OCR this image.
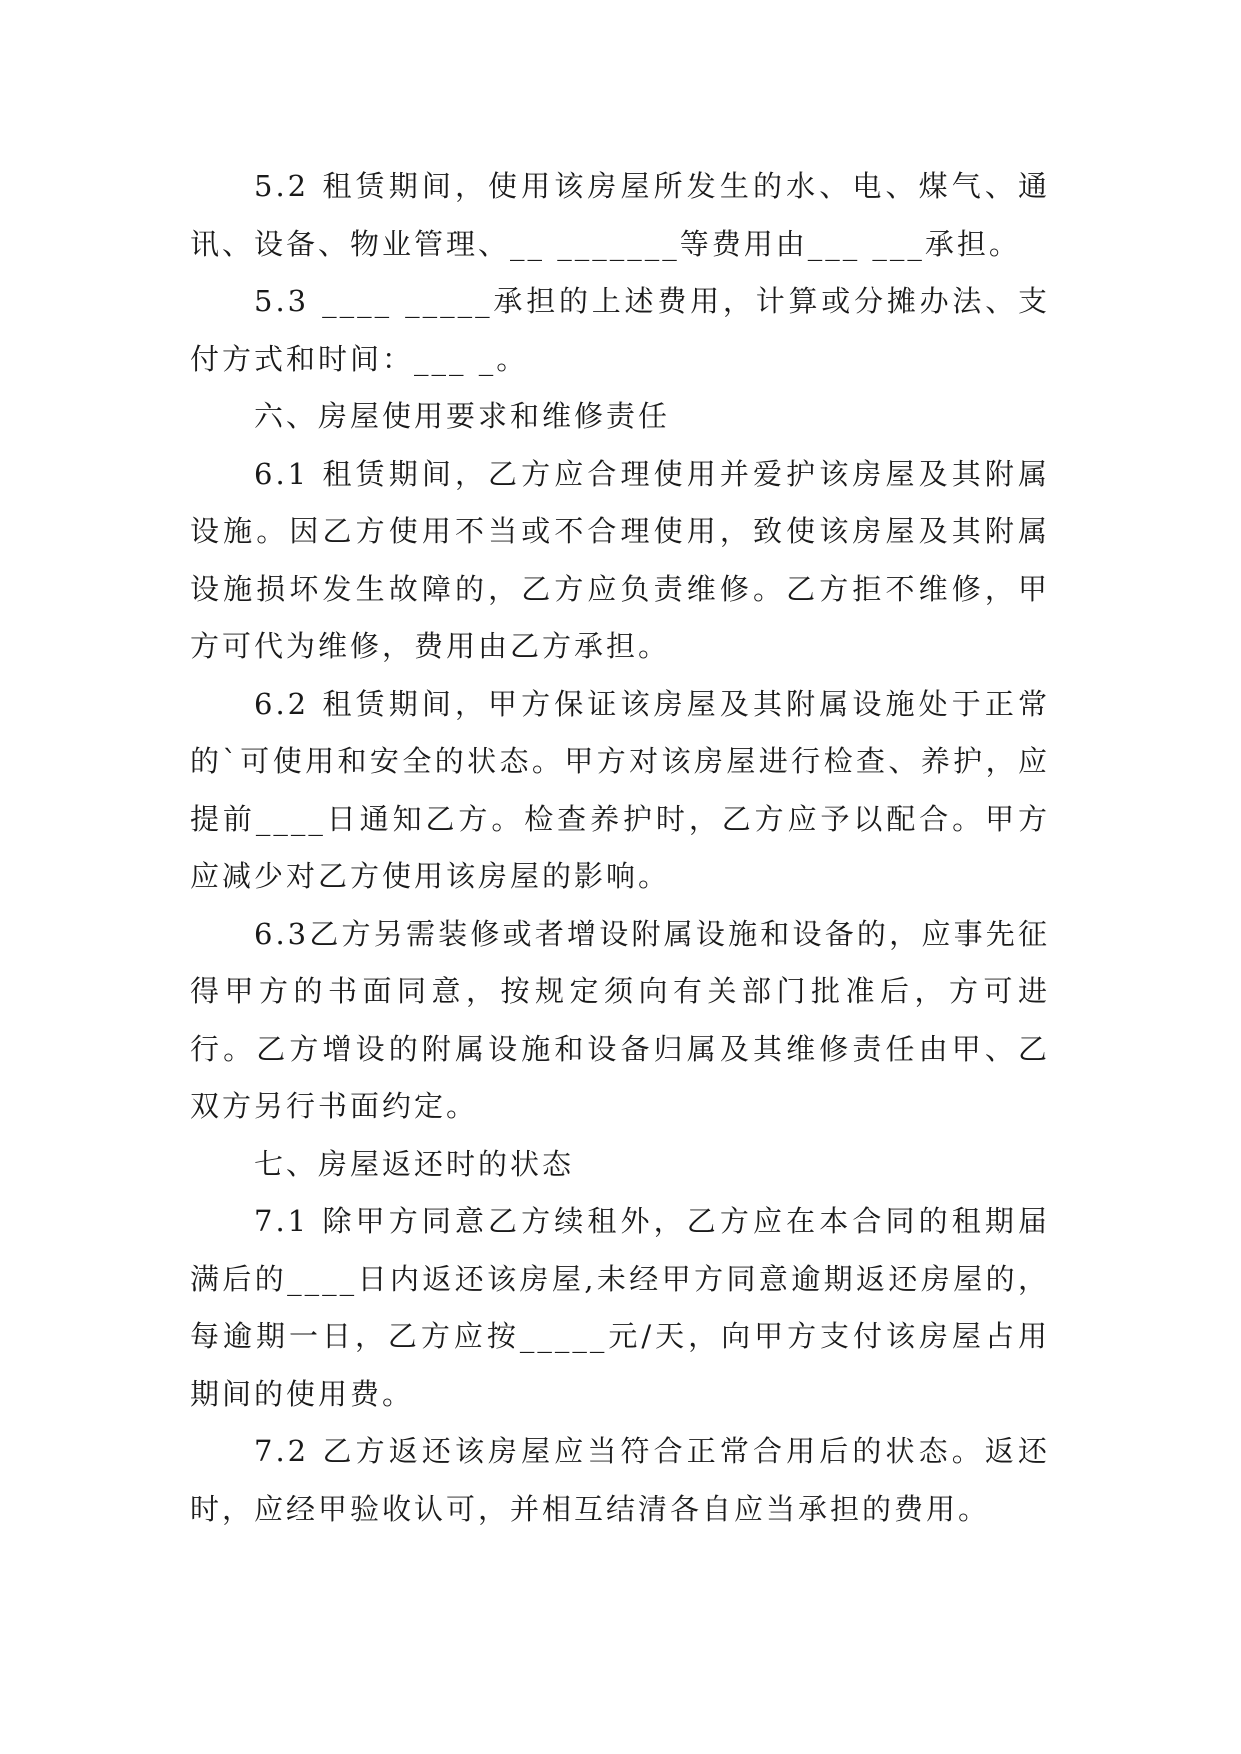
5.2 租赁期间，使用该房屋所发生的水、电、煤气、通讯、设备、物业管理、__ _______等费用由___ ___承担。

5.3 ____ _____承担的上述费用，计算或分摊办法、支付方式和时间：___ _。

六、房屋使用要求和维修责任

6.1 租赁期间，乙方应合理使用并爱护该房屋及其附属设施。因乙方使用不当或不合理使用，致使该房屋及其附属设施损坏发生故障的，乙方应负责维修。乙方拒不维修，甲方可代为维修，费用由乙方承担。

6.2 租赁期间，甲方保证该房屋及其附属设施处于正常的`可使用和安全的状态。甲方对该房屋进行检查、养护，应提前____日通知乙方。检查养护时，乙方应予以配合。甲方应减少对乙方使用该房屋的影响。

6.3乙方另需装修或者增设附属设施和设备的，应事先征得甲方的书面同意，按规定须向有关部门批准后，方可进行。乙方增设的附属设施和设备归属及其维修责任由甲、乙双方另行书面约定。

七、房屋返还时的状态

7.1 除甲方同意乙方续租外，乙方应在本合同的租期届满后的____日内返还该房屋,未经甲方同意逾期返还房屋的，每逾期一日，乙方应按_____元/天，向甲方支付该房屋占用期间的使用费。

7.2 乙方返还该房屋应当符合正常合用后的状态。返还时，应经甲验收认可，并相互结清各自应当承担的费用。
